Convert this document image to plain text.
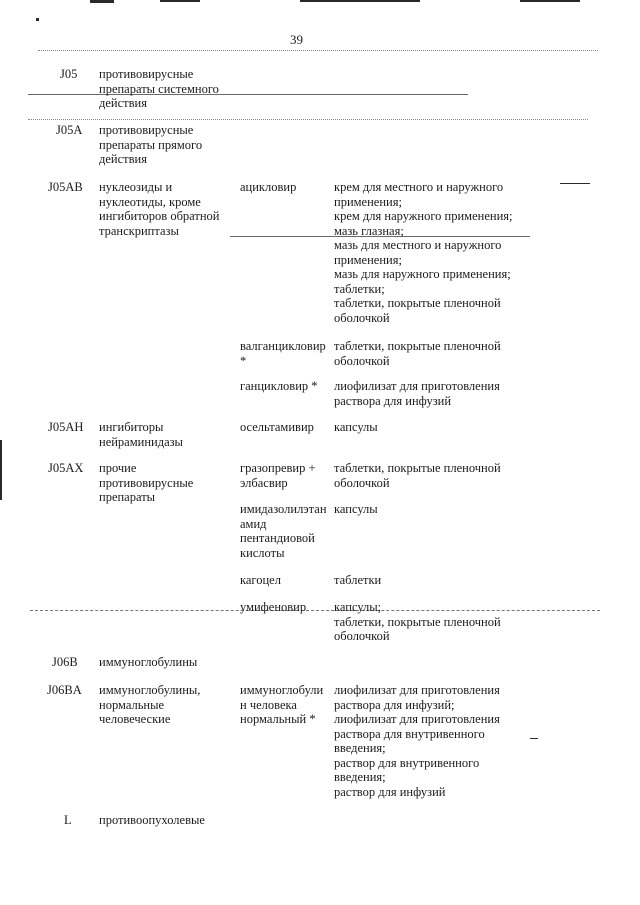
39
J05 противовирусные
препараты системного
действия
J05A противовирусные
препараты прямого
действия
J05AB нуклеозиды и
нуклеотиды, кроме
ингибиторов обратной
транскриптазы
ацикловир	крем для местного и наружного
применения;
крем для наружного применения;
мазь глазная;
мазь для местного и наружного
применения;
мазь для наружного применения;
таблетки;
таблетки, покрытые пленочной
оболочкой
валганцикловир
*
таблетки, покрытые пленочной
оболочкой
ганцикловир * лиофилизат для приготовления
раствора для инфузий
J05AH ингибиторы
нейраминидазы
осельтамивир капсулы
J05AX прочие
противовирусные
препараты
гразопревир +
элбасвир
таблетки, покрытые пленочной
оболочкой
имидазолилэтан
амид
пентандиовой
кислоты
капсулы
кагоцел	таблетки
умифеновир капсулы;
таблетки, покрытые пленочной
оболочкой
J06B иммуноглобулины
J06BA иммуноглобулины,
нормальные
человеческие
иммуноглобули
н человека
нормальный *
лиофилизат для приготовления
раствора для инфузий;
лиофилизат для приготовления
раствора для внутривенного
введения;
раствор для внутривенного
введения;
раствор для инфузий
L противоопухолевые
